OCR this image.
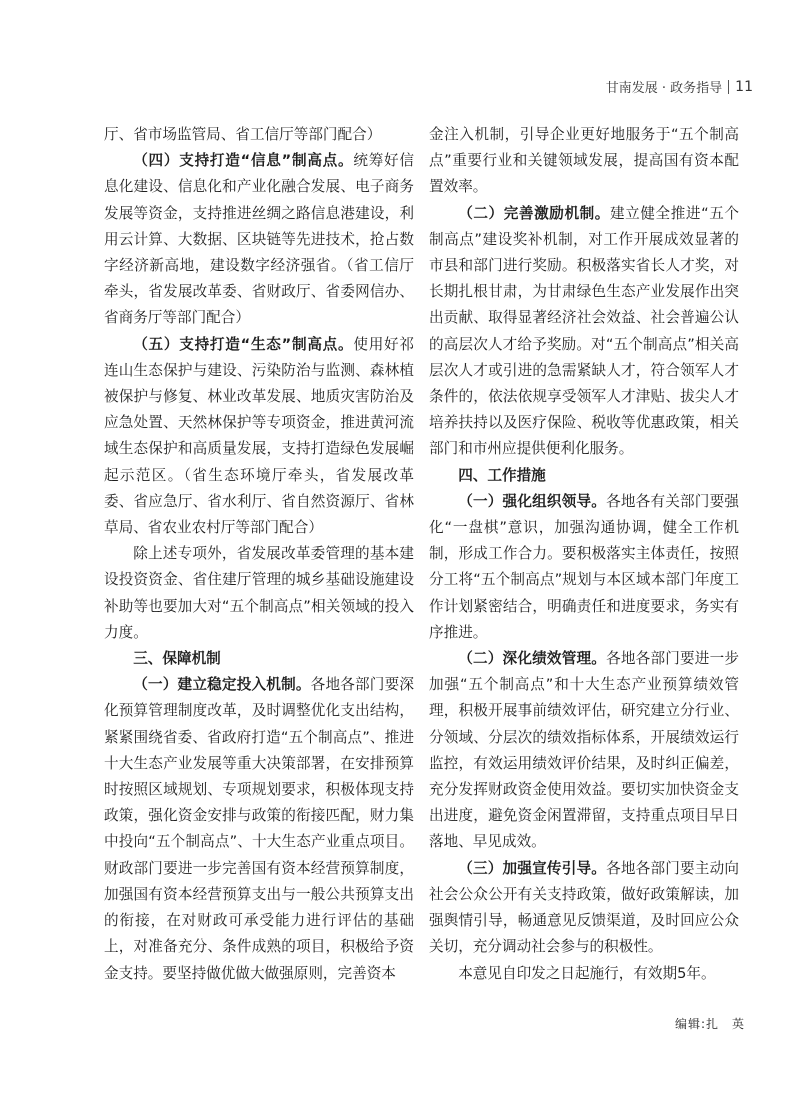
甘南发展 · 政务指导 11

厅、省市场监管局、省工信厅等部门配合）

（四）支持打造“信息”制高点。统筹好信息化建设、信息化和产业化融合发展、电子商务发展等资金，支持推进丝绸之路信息港建设，利用云计算、大数据、区块链等先进技术，抢占数字经济新高地，建设数字经济强省。（省工信厅牵头，省发展改革委、省财政厅、省委网信办、省商务厅等部门配合）

（五）支持打造“生态”制高点。使用好祁连山生态保护与建设、污染防治与监测、森林植被保护与修复、林业改革发展、地质灾害防治及应急处置、天然林保护等专项资金，推进黄河流域生态保护和高质量发展，支持打造绿色发展崛起示范区。（省生态环境厅牵头，省发展改革委、省应急厅、省水利厅、省自然资源厅、省林草局、省农业农村厅等部门配合）

除上述专项外，省发展改革委管理的基本建设投资资金、省住建厅管理的城乡基础设施建设补助等也要加大对“五个制高点”相关领域的投入力度。

三、保障机制

（一）建立稳定投入机制。各地各部门要深化预算管理制度改革，及时调整优化支出结构，紧紧围绕省委、省政府打造“五个制高点”、推进十大生态产业发展等重大决策部署，在安排预算时按照区域规划、专项规划要求，积极体现支持政策，强化资金安排与政策的衔接匹配，财力集中投向“五个制高点”、十大生态产业重点项目。财政部门要进一步完善国有资本经营预算制度，加强国有资本经营预算支出与一般公共预算支出的衔接，在对财政可承受能力进行评估的基础上，对准备充分、条件成熟的项目，积极给予资金支持。要坚持做优做大做强原则，完善资本

金注入机制，引导企业更好地服务于“五个制高点”重要行业和关键领域发展，提高国有资本配置效率。

（二）完善激励机制。建立健全推进“五个制高点”建设奖补机制，对工作开展成效显著的市县和部门进行奖励。积极落实省长人才奖，对长期扎根甘肃，为甘肃绿色生态产业发展作出突出贡献、取得显著经济社会效益、社会普遍公认的高层次人才给予奖励。对“五个制高点”相关高层次人才或引进的急需紧缺人才，符合领军人才条件的，依法依规享受领军人才津贴、拔尖人才培养扶持以及医疗保险、税收等优惠政策，相关部门和市州应提供便利化服务。

四、工作措施

（一）强化组织领导。各地各有关部门要强化“一盘棋”意识，加强沟通协调，健全工作机制，形成工作合力。要积极落实主体责任，按照分工将“五个制高点”规划与本区域本部门年度工作计划紧密结合，明确责任和进度要求，务实有序推进。

（二）深化绩效管理。各地各部门要进一步加强“五个制高点”和十大生态产业预算绩效管理，积极开展事前绩效评估，研究建立分行业、分领域、分层次的绩效指标体系，开展绩效运行监控，有效运用绩效评价结果，及时纠正偏差，充分发挥财政资金使用效益。要切实加快资金支出进度，避免资金闲置滞留，支持重点项目早日落地、早见成效。

（三）加强宣传引导。各地各部门要主动向社会公众公开有关支持政策，做好政策解读，加强舆情引导，畅通意见反馈渠道，及时回应公众关切，充分调动社会参与的积极性。

本意见自印发之日起施行，有效期5年。

编辑:扎　英
